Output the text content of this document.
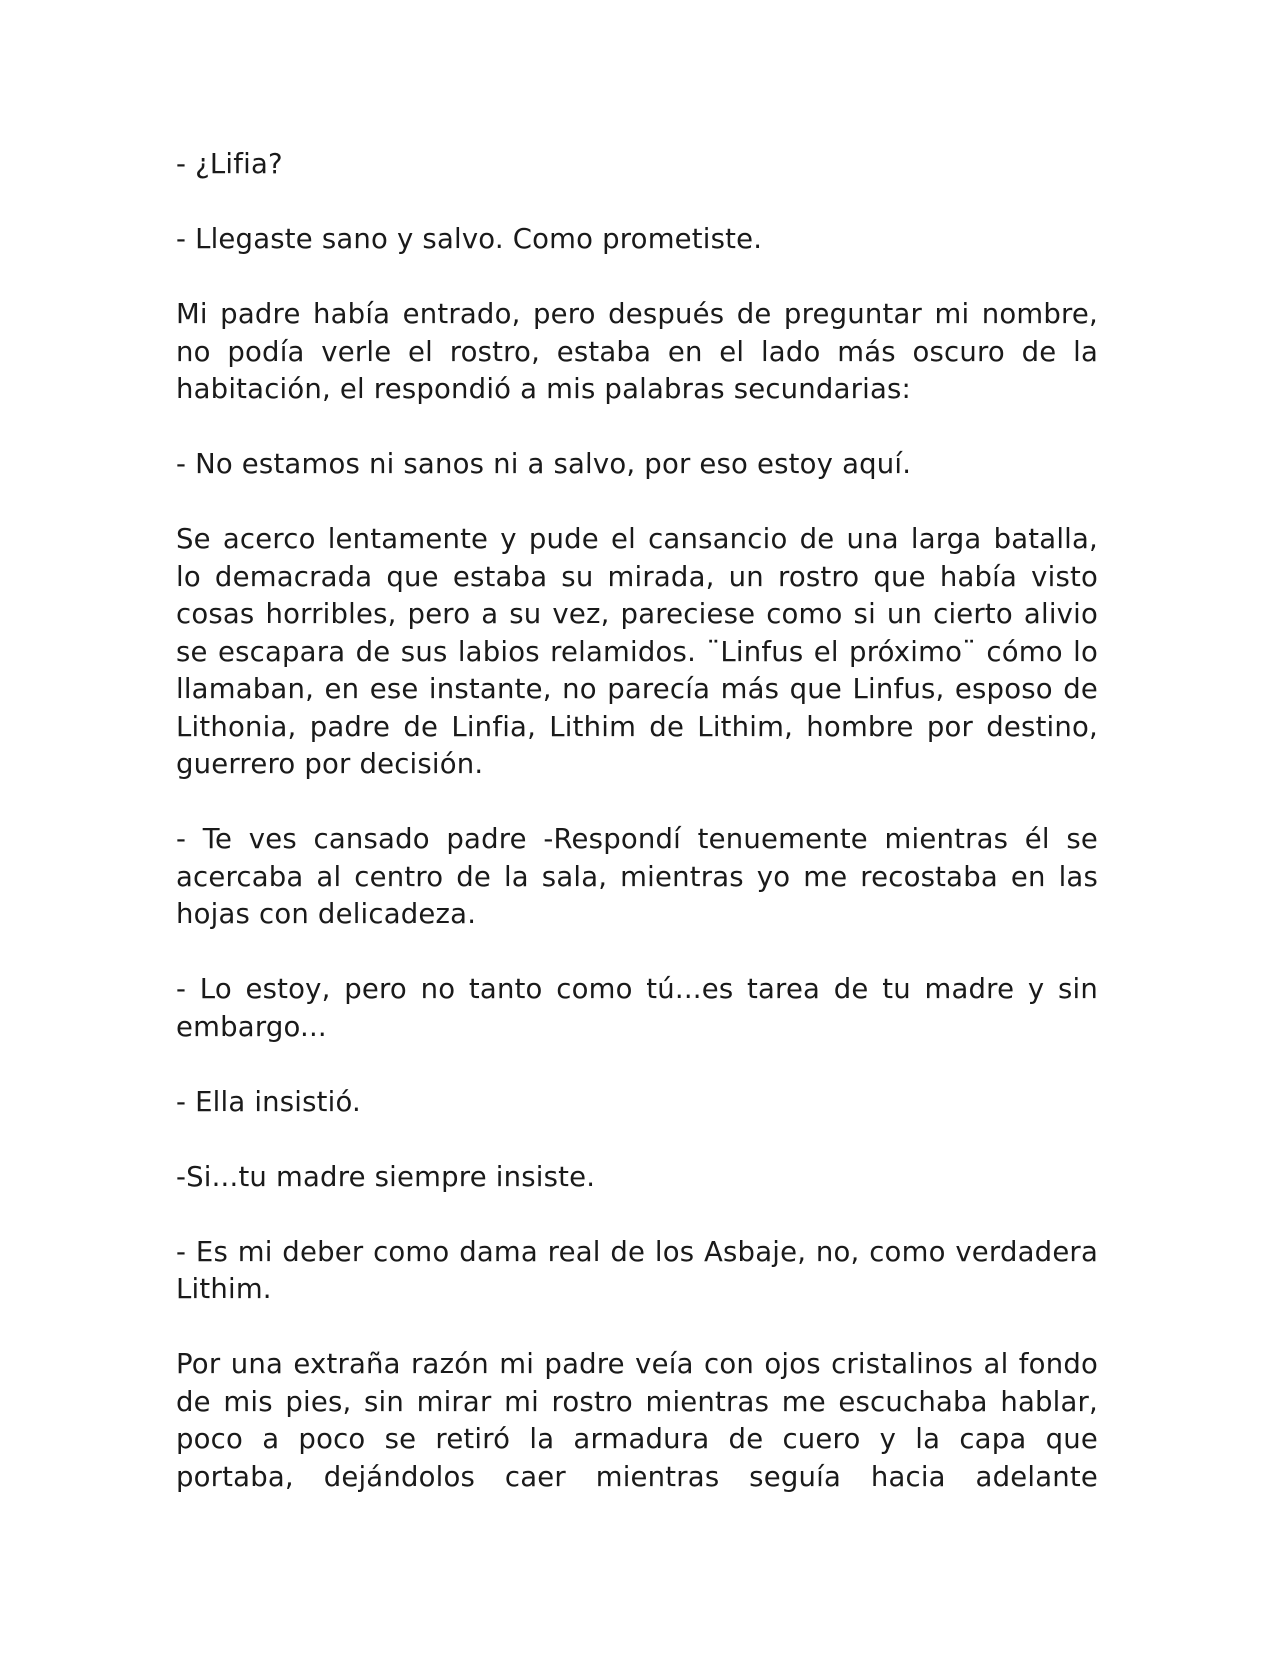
- ¿Lifia?

- Llegaste sano y salvo. Como prometiste.

Mi padre había entrado, pero después de preguntar mi nombre, no podía verle el rostro, estaba en el lado más oscuro de la habitación, el respondió a mis palabras secundarias:

- No estamos ni sanos ni a salvo, por eso estoy aquí.

Se acerco lentamente y pude el cansancio de una larga batalla, lo demacrada que estaba su mirada, un rostro que había visto cosas horribles, pero a su vez, pareciese como si un cierto alivio se escapara de sus labios relamidos. ¨Linfus el próximo¨ cómo lo llamaban, en ese instante, no parecía más que Linfus, esposo de Lithonia, padre de Linfia, Lithim de Lithim, hombre por destino, guerrero por decisión.

- Te ves cansado padre -Respondí tenuemente mientras él se acercaba al centro de la sala, mientras yo me recostaba en las hojas con delicadeza.

- Lo estoy, pero no tanto como tú...es tarea de tu madre y sin embargo...

- Ella insistió.

-Si...tu madre siempre insiste.

- Es mi deber como dama real de los Asbaje, no, como verdadera Lithim.

Por una extraña razón mi padre veía con ojos cristalinos al fondo de mis pies, sin mirar mi rostro mientras me escuchaba hablar, poco a poco se retiró la armadura de cuero y la capa que portaba, dejándolos caer mientras seguía hacia adelante
